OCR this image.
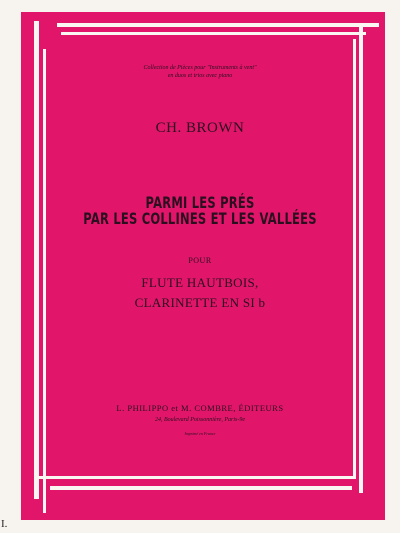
Collection de Pièces pour "Instruments à vent"
en duos et trios avec piano
CH. BROWN
PARMI LES PRÉS
PAR LES COLLINES ET LES VALLÉES
POUR
FLUTE HAUTBOIS,
CLARINETTE EN SI b
L. PHILIPPO et M. COMBRE, ÉDITEURS
24, Boulevard Poissonnière, Paris-9e
Imprimé en France
I.
